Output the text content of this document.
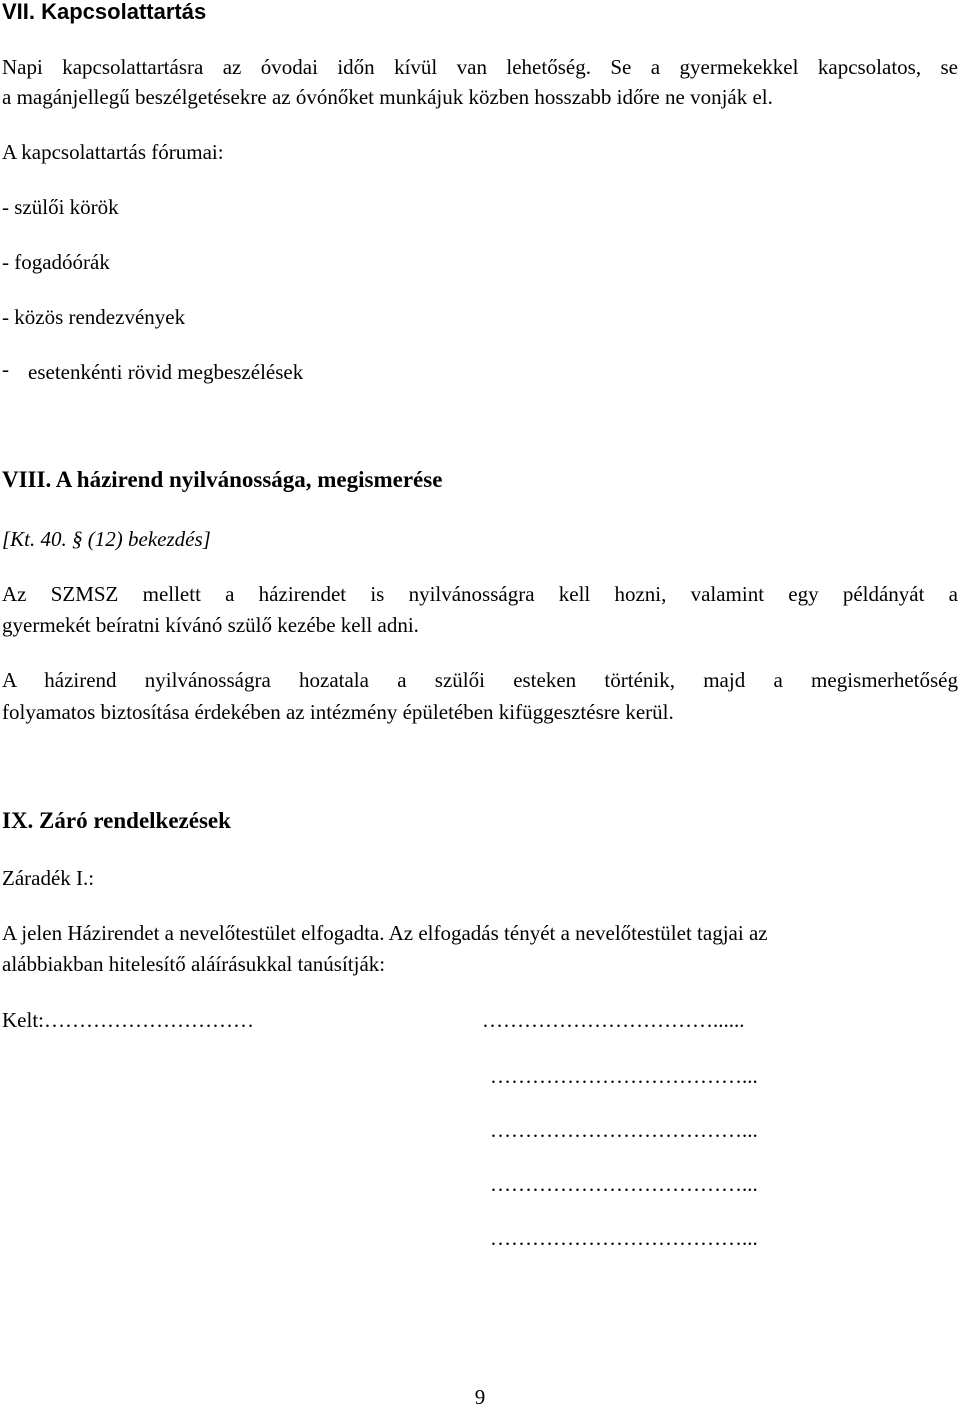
VII. Kapcsolattartás
Napi kapcsolattartásra az óvodai időn kívül van lehetőség. Se a gyermekekkel kapcsolatos, se
a magánjellegű beszélgetésekre az óvónőket munkájuk közben hosszabb időre ne vonják el.
A kapcsolattartás fórumai:
- szülői körök
- fogadóórák
- közös rendezvények
- esetenkénti rövid megbeszélések
VIII. A házirend nyilvánossága, megismerése
[Kt. 40. § (12) bekezdés]
Az SZMSZ mellett a házirendet is nyilvánosságra kell hozni, valamint egy példányát a
gyermekét beíratni kívánó szülő kezébe kell adni.
A házirend nyilvánosságra hozatala a szülői esteken történik, majd a megismerhetőség
folyamatos biztosítása érdekében az intézmény épületében kifüggesztésre kerül.
IX. Záró rendelkezések
Záradék I.:
A jelen Házirendet a nevelőtestület elfogadta. Az elfogadás tényét a nevelőtestület tagjai az
alábbiakban hitelesítő aláírásukkal tanúsítják:
Kelt:…………………………	……………………………......
………………………………...
………………………………...
………………………………...
………………………………...
9
